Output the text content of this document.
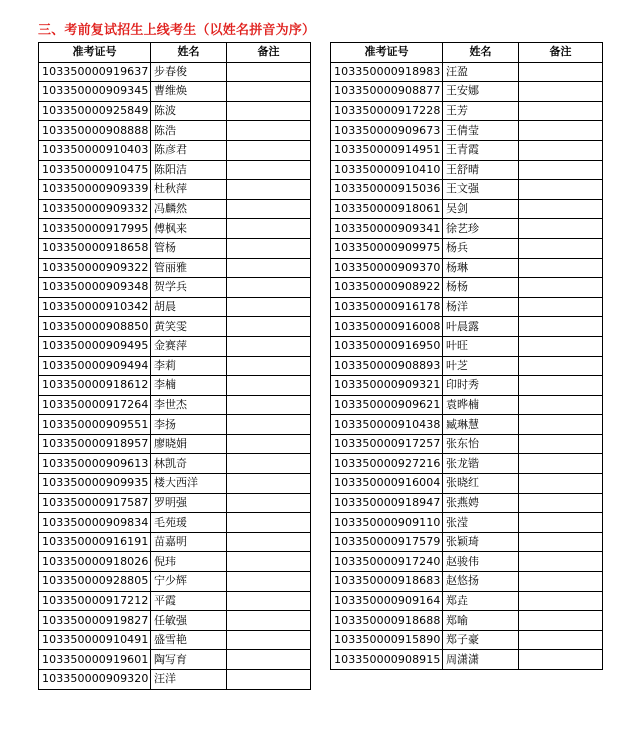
三、考前复试招生上线考生（以姓名拼音为序）
准考证号	姓名	备注
103350000919637	步春俊	
103350000909345	曹维焕	
103350000925849	陈波	
103350000908888	陈浩	
103350000910403	陈彦君	
103350000910475	陈阳洁	
103350000909339	杜秋萍	
103350000909332	冯麟然	
103350000917995	傅枫来	
103350000918658	管杨	
103350000909322	管丽雅	
103350000909348	贺学兵	
103350000910342	胡晨	
103350000908850	黄笑雯	
103350000909495	金赛萍	
103350000909494	李莉	
103350000918612	李楠	
103350000917264	李世杰	
103350000909551	李扬	
103350000918957	廖晓娟	
103350000909613	林凯奇	
103350000909935	楼大西洋	
103350000917587	罗明强	
103350000909834	毛苑瑗	
103350000916191	苗嘉明	
103350000918026	倪玮	
103350000928805	宁少辉	
103350000917212	平霞	
103350000919827	任敏强	
103350000910491	盛雪艳	
103350000919601	陶写育	
103350000909320	汪洋	
准考证号	姓名	备注
103350000918983	汪盈	
103350000908877	王安娜	
103350000917228	王芳	
103350000909673	王倩莹	
103350000914951	王青霞	
103350000910410	王舒晴	
103350000915036	王文强	
103350000918061	吴剑	
103350000909341	徐艺珍	
103350000909975	杨兵	
103350000909370	杨琳	
103350000908922	杨杨	
103350000916178	杨洋	
103350000916008	叶晨露	
103350000916950	叶旺	
103350000908893	叶芝	
103350000909321	印时秀	
103350000909621	袁晔楠	
103350000910438	臧琳慧	
103350000917257	张东怡	
103350000927216	张龙锴	
103350000916004	张晓红	
103350000918947	张燕娉	
103350000909110	张滢	
103350000917579	张颖琦	
103350000917240	赵骏伟	
103350000918683	赵悠扬	
103350000909164	郑垚	
103350000918688	郑喻	
103350000915890	郑子豪	
103350000908915	周潇潇	
